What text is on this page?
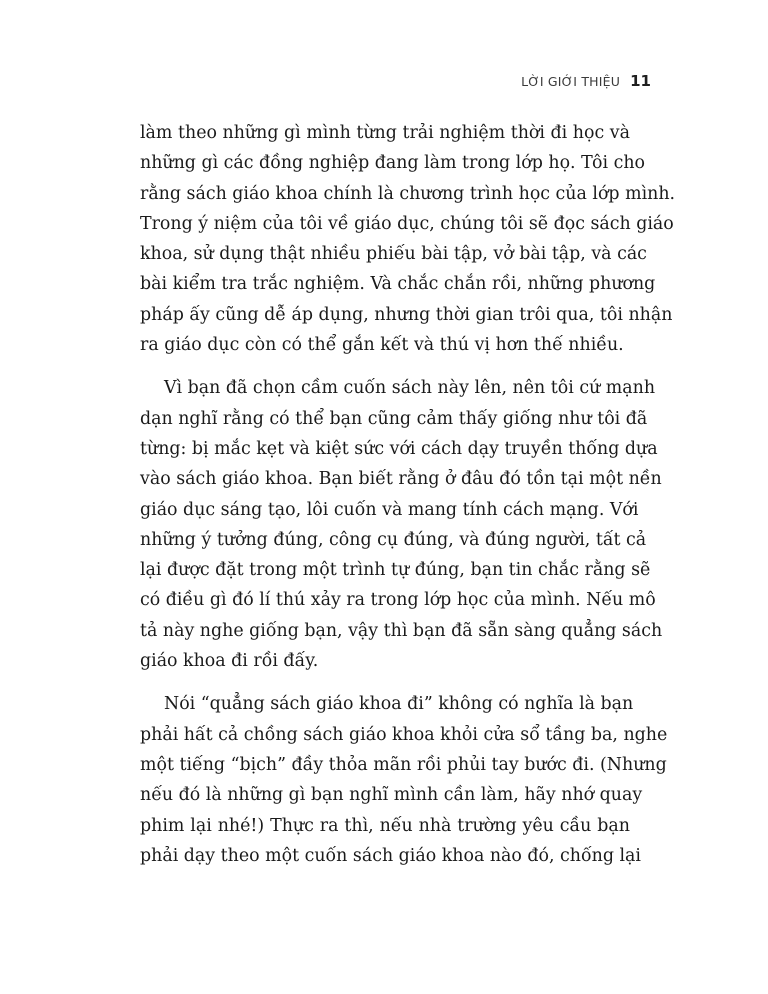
LỜI GIỚI THIỆU 11

làm theo những gì mình từng trải nghiệm thời đi học và
những gì các đồng nghiệp đang làm trong lớp họ. Tôi cho
rằng sách giáo khoa chính là chương trình học của lớp mình.
Trong ý niệm của tôi về giáo dục, chúng tôi sẽ đọc sách giáo
khoa, sử dụng thật nhiều phiếu bài tập, vở bài tập, và các
bài kiểm tra trắc nghiệm. Và chắc chắn rồi, những phương
pháp ấy cũng dễ áp dụng, nhưng thời gian trôi qua, tôi nhận
ra giáo dục còn có thể gắn kết và thú vị hơn thế nhiều.

Vì bạn đã chọn cầm cuốn sách này lên, nên tôi cứ mạnh
dạn nghĩ rằng có thể bạn cũng cảm thấy giống như tôi đã
từng: bị mắc kẹt và kiệt sức với cách dạy truyền thống dựa
vào sách giáo khoa. Bạn biết rằng ở đâu đó tồn tại một nền
giáo dục sáng tạo, lôi cuốn và mang tính cách mạng. Với
những ý tưởng đúng, công cụ đúng, và đúng người, tất cả
lại được đặt trong một trình tự đúng, bạn tin chắc rằng sẽ
có điều gì đó lí thú xảy ra trong lớp học của mình. Nếu mô
tả này nghe giống bạn, vậy thì bạn đã sẵn sàng quẳng sách
giáo khoa đi rồi đấy.

Nói “quẳng sách giáo khoa đi” không có nghĩa là bạn
phải hất cả chồng sách giáo khoa khỏi cửa sổ tầng ba, nghe
một tiếng “bịch” đầy thỏa mãn rồi phủi tay bước đi. (Nhưng
nếu đó là những gì bạn nghĩ mình cần làm, hãy nhớ quay
phim lại nhé!) Thực ra thì, nếu nhà trường yêu cầu bạn
phải dạy theo một cuốn sách giáo khoa nào đó, chống lại
